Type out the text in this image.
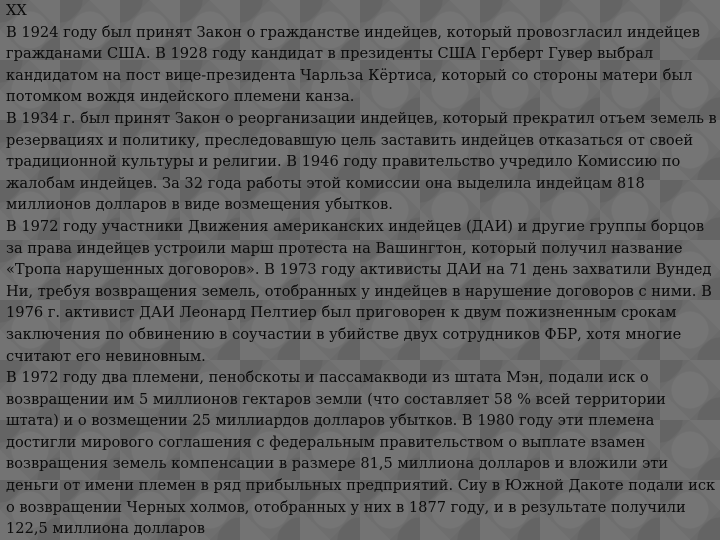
XX

В 1924 году был принят Закон о гражданстве индейцев, который провозгласил индейцев гражданами США. В 1928 году кандидат в президенты США Герберт Гувер выбрал кандидатом на пост вице-президента Чарльза Кёртиса, который со стороны матери был потомком вождя индейского племени канза.

В 1934 г. был принят Закон о реорганизации индейцев, который прекратил отъем земель в резервациях и политику, преследовавшую цель заставить индейцев отказаться от своей традиционной культуры и религии. В 1946 году правительство учредило Комиссию по жалобам индейцев. За 32 года работы этой комиссии она выделила индейцам 818 миллионов долларов в виде возмещения убытков.

В 1972 году участники Движения американских индейцев (ДАИ) и другие группы борцов за права индейцев устроили марш протеста на Вашингтон, который получил название «Тропа нарушенных договоров». В 1973 году активисты ДАИ на 71 день захватили Вундед Ни, требуя возвращения земель, отобранных у индейцев в нарушение договоров с ними. В 1976 г. активист ДАИ Леонард Пелтиер был приговорен к двум пожизненным срокам заключения по обвинению в соучастии в убийстве двух сотрудников ФБР, хотя многие считают его невиновным.

В 1972 году два племени, пенобскоты и пассамакводи из штата Мэн, подали иск о возвращении им 5 миллионов гектаров земли (что составляет 58 % всей территории штата) и о возмещении 25 миллиардов долларов убытков. В 1980 году эти племена достигли мирового соглашения с федеральным правительством о выплате взамен возвращения земель компенсации в размере 81,5 миллиона долларов и вложили эти деньги от имени племен в ряд прибыльных предприятий. Сиу в Южной Дакоте подали иск о возвращении Черных холмов, отобранных у них в 1877 году, и в результате получили 122,5 миллиона долларов
